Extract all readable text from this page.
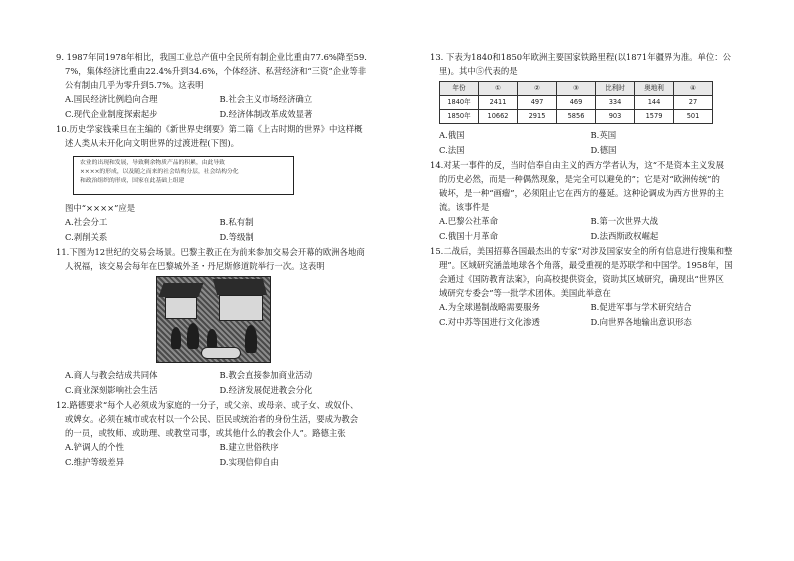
9. 1987年同1978年相比，我国工业总产值中全民所有制企业比重由77.6%降至59.
7%，集体经济比重由22.4%升到34.6%，个体经济、私营经济和“三资”企业等非
公有制由几乎为零升到5.7%。这表明
A.国民经济比例趋向合理	B.社会主义市场经济确立
C.现代企业制度探索起步	D.经济体制改革成效显著
10.历史学家钱乘旦在主编的《新世界史纲要》第二篇《上古时期的世界》中这样概
述人类从未开化向文明世界的过渡进程(下图)。
农业的出现和发展，导致剩余物质产品的积累，由此导致
××××的形成，以及随之而来的社会结构分层，社会结构分化
和政治组织的形成，国家在此基础上组建
图中“××××”应是
A.社会分工	B.私有制
C.剥削关系	D.等级制
11.下图为12世纪的交易会场景。巴黎主教正在为前来参加交易会开幕的欧洲各地商
人祝福，该交易会每年在巴黎城外圣・丹尼斯修道院举行一次。这表明
A.商人与教会结成共同体	B.教会直接参加商业活动
C.商业深刻影响社会生活	D.经济发展促进教会分化
12.路德要求“每个人必须成为家庭的一分子，或父亲、或母亲、或子女、或奴仆、
或婢女。必须在城市或农村以一个公民、臣民或统治者的身份生活，要成为教会
的一员，或牧师、或助理、或教堂司事，或其他什么的教会仆人”。路德主张
A.铲调人的个性	B.建立世俗秩序
C.维护等级差异	D.实现信仰自由
13. 下表为1840和1850年欧洲主要国家铁路里程(以1871年疆界为准。单位：公
里)。其中⑤代表的是
年份	①	②	③	比利时	奥地利	④
1840年	2411	497	469	334	144	27
1850年	10662	2915	5856	903	1579	501
A.俄国	B.英国
C.法国	D.德国
14.对某一事件的反，当时信奉自由主义的西方学者认为，这“不是资本主义发展
的历史必然，而是一种偶然现象，是完全可以避免的”；它是对“欧洲传统”的
破坏，是一种“画瘤”，必须阻止它在西方的蔓延。这种论调成为西方世界的主
流。该事件是
A.巴黎公社革命	B.第一次世界大战
C.俄国十月革命	D.法西斯政权崛起
15.二战后，美国招募各国最杰出的专家“对涉及国家安全的所有信息进行搜集和整
理”。区域研究涵盖地球各个角落，最受重视的是苏联学和中国学。1958年，国
会通过《国防教育法案》，向高校提供资金，资助其区域研究，确现出“世界区
域研究专委会”等一批学术团体。美国此举意在
A.为全球遏制战略需要服务	B.促进军事与学术研究结合
C.对中苏等国进行文化渗透	D.向世界各地输出意识形态
